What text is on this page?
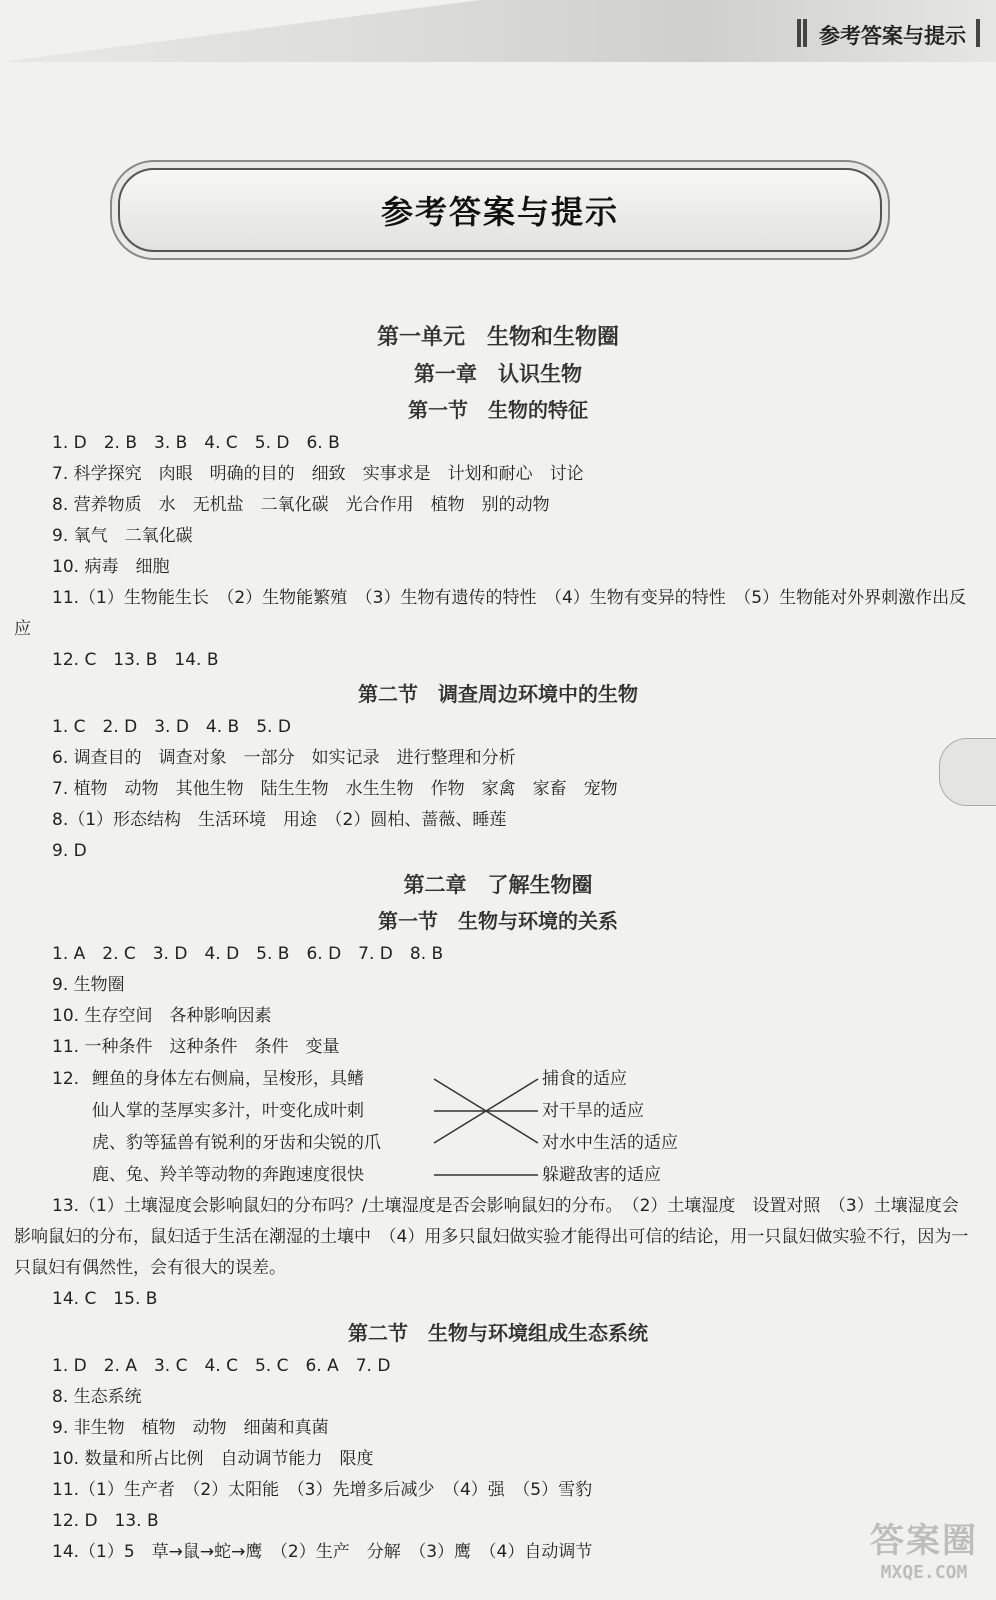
参考答案与提示
参考答案与提示
第一单元　生物和生物圈
第一章　认识生物
第一节　生物的特征
1. D　2. B　3. B　4. C　5. D　6. B
7. 科学探究　肉眼　明确的目的　细致　实事求是　计划和耐心　讨论
8. 营养物质　水　无机盐　二氧化碳　光合作用　植物　别的动物
9. 氧气　二氧化碳
10. 病毒　细胞
11.（1）生物能生长　（2）生物能繁殖　（3）生物有遗传的特性　（4）生物有变异的特性　（5）生物能对外界刺激作出反应
12. C　13. B　14. B
第二节　调查周边环境中的生物
1. C　2. D　3. D　4. B　5. D
6. 调查目的　调查对象　一部分　如实记录　进行整理和分析
7. 植物　动物　其他生物　陆生生物　水生生物　作物　家禽　家畜　宠物
8.（1）形态结构　生活环境　用途　（2）圆柏、蔷薇、睡莲
9. D
第二章　了解生物圈
第一节　生物与环境的关系
1. A　2. C　3. D　4. D　5. B　6. D　7. D　8. B
9. 生物圈
10. 生存空间　各种影响因素
11. 一种条件　这种条件　条件　变量
12. 鲤鱼的身体左右侧扁，呈梭形，具鳍
仙人掌的茎厚实多汁，叶变化成叶刺
虎、豹等猛兽有锐利的牙齿和尖锐的爪
鹿、兔、羚羊等动物的奔跑速度很快
捕食的适应
对干旱的适应
对水中生活的适应
躲避敌害的适应
13.（1）土壤湿度会影响鼠妇的分布吗？/土壤湿度是否会影响鼠妇的分布。　（2）土壤湿度　设置对照　（3）土壤湿度会影响鼠妇的分布，鼠妇适于生活在潮湿的土壤中　（4）用多只鼠妇做实验才能得出可信的结论，用一只鼠妇做实验不行，因为一只鼠妇有偶然性，会有很大的误差。
14. C　15. B
第二节　生物与环境组成生态系统
1. D　2. A　3. C　4. C　5. C　6. A　7. D
8. 生态系统
9. 非生物　植物　动物　细菌和真菌
10. 数量和所占比例　自动调节能力　限度
11.（1）生产者　（2）太阳能　（3）先增多后减少　（4）强　（5）雪豹
12. D　13. B
14.（1）5　草→鼠→蛇→鹰　（2）生产　分解　（3）鹰　（4）自动调节	答案圈
MXQE.COM
